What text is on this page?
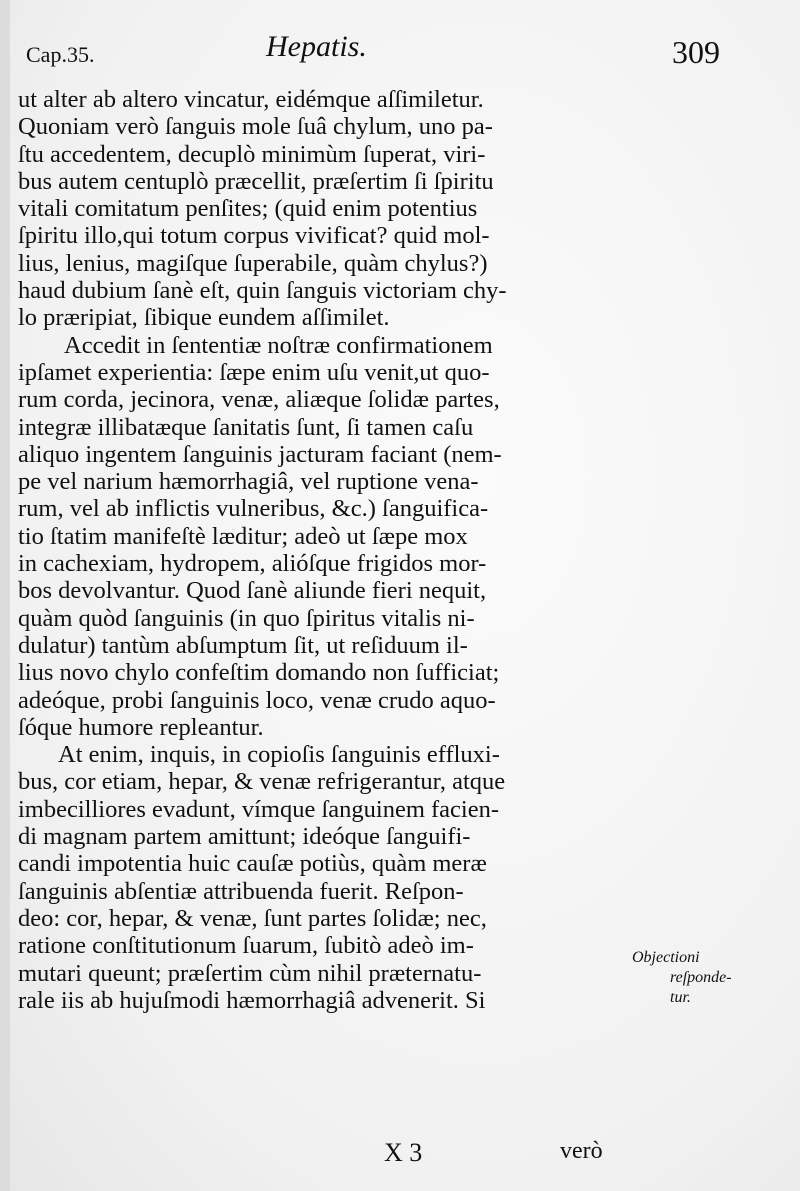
Cap.35.	Hepatis.	309
ut alter ab altero vincatur, eidémque aſſimiletur.
Quoniam verò ſanguis mole ſuâ chylum, uno pa-
ſtu accedentem, decuplò minimùm ſuperat, viri-
bus autem centuplò præcellit, præſertim ſi ſpiritu
vitali comitatum penſites; (quid enim potentius
ſpiritu illo,qui totum corpus vivificat? quid mol-
lius, lenius, magiſque ſuperabile, quàm chylus?)
haud dubium ſanè eſt, quin ſanguis victoriam chy-
lo præripiat, ſibique eundem aſſimilet.
Accedit in ſententiæ noſtræ confirmationem
ipſamet experientia: ſæpe enim uſu venit,ut quo-
rum corda, jecinora, venæ, aliæque ſolidæ partes,
integræ illibatæque ſanitatis ſunt, ſi tamen caſu
aliquo ingentem ſanguinis jacturam faciant (nem-
pe vel narium hæmorrhagiâ, vel ruptione vena-
rum, vel ab inflictis vulneribus, &c.) ſanguifica-
tio ſtatim manifeſtè læditur; adeò ut ſæpe mox
in cachexiam, hydropem, alióſque frigidos mor-
bos devolvantur. Quod ſanè aliunde fieri nequit,
quàm quòd ſanguinis (in quo ſpiritus vitalis ni-
dulatur) tantùm abſumptum ſit, ut reſiduum il-
lius novo chylo confeſtim domando non ſufficiat;
adeóque, probi ſanguinis loco, venæ crudo aquo-
ſóque humore repleantur.
At enim, inquis, in copioſis ſanguinis effluxi-
bus, cor etiam, hepar, & venæ refrigerantur, atque
imbecilliores evadunt, vímque ſanguinem facien-
di magnam partem amittunt; ideóque ſanguifi-
candi impotentia huic cauſæ potiùs, quàm meræ
ſanguinis abſentiæ attribuenda fuerit. Reſpon-
deo: cor, hepar, & venæ, ſunt partes ſolidæ; nec,
ratione conſtitutionum ſuarum, ſubitò adeò im-
mutari queunt; præſertim cùm nihil præternatu-
rale iis ab hujuſmodi hæmorrhagiâ advenerit. Si
Objectioni
reſponde-
tur.
X 3	verò
